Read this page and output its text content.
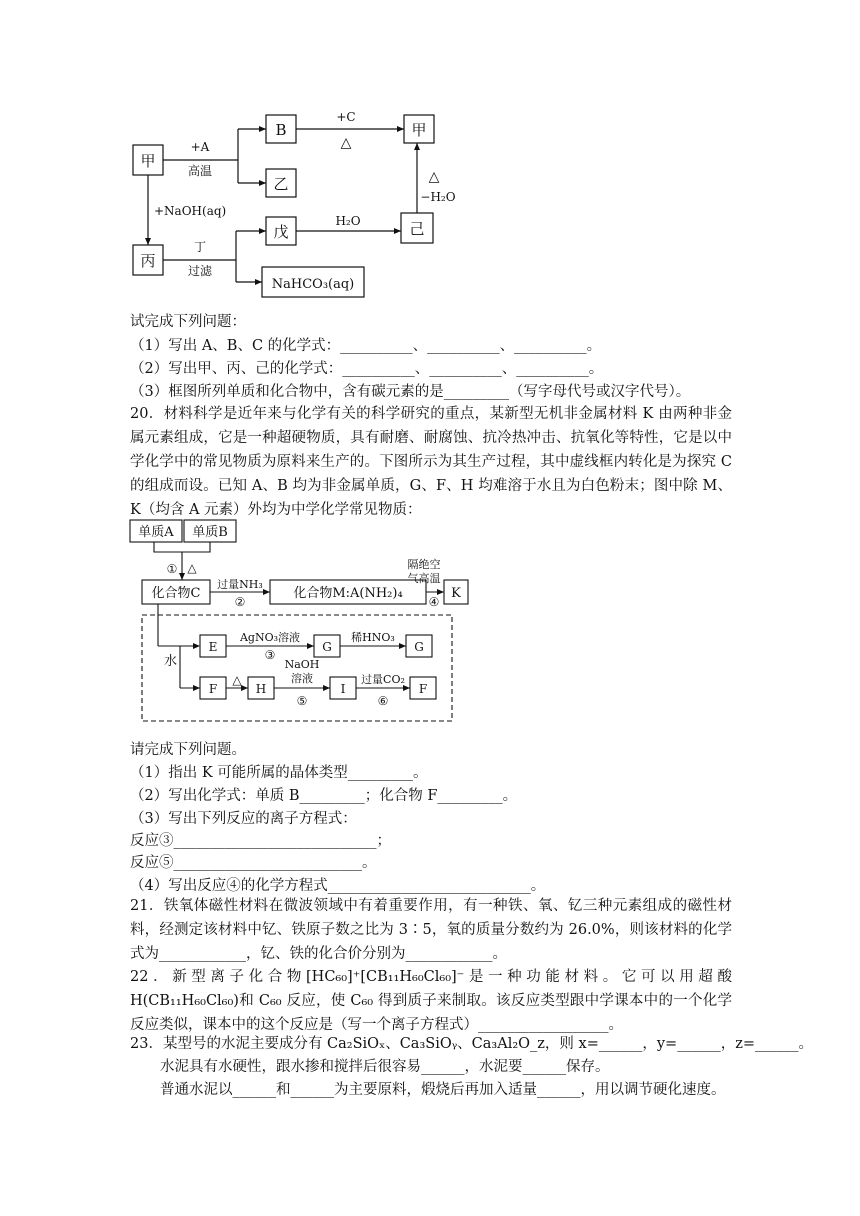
甲
B
乙
甲
丙
戊	己
NaHCO₃(aq)
+A
高温
+C
△
△
−H₂O
+NaOH(aq)
丁
过滤
H₂O
试完成下列问题：
（1）写出 A、B、C 的化学式：__________、__________、__________。
（2）写出甲、丙、己的化学式：__________、__________、__________。
（3）框图所列单质和化合物中，含有碳元素的是_________（写字母代号或汉字代号）。
20．材料科学是近年来与化学有关的科学研究的重点，某新型无机非金属材料 K 由两种非金属元素组成，它是一种超硬物质，具有耐磨、耐腐蚀、抗冷热冲击、抗氧化等特性，它是以中学化学中的常见物质为原料来生产的。下图所示为其生产过程，其中虚线框内转化是为探究 C 的组成而设。已知 A、B 均为非金属单质，G、F、H 均难溶于水且为白色粉末；图中除 M、K（均含 A 元素）外均为中学化学常见物质：
单质A 单质B
① △
化合物C
过量NH₃
②
化合物M:A(NH₂)₄
隔绝空
气高温
④
K
水
E
AgNO₃溶液
③
G
稀HNO₃
G
F
△
H
NaOH
溶液
⑤
I
过量CO₂
⑥
F
请完成下列问题。
（1）指出 K 可能所属的晶体类型_________。
（2）写出化学式：单质 B_________；化合物 F_________。
（3）写出下列反应的离子方程式：
反应③____________________________；
反应⑤__________________________。
（4）写出反应④的化学方程式____________________________。
21．铁氧体磁性材料在微波领域中有着重要作用，有一种铁、氧、钇三种元素组成的磁性材料，经测定该材料中钇、铁原子数之比为 3∶5，氧的质量分数约为 26.0%，则该材料的化学式为____________，钇、铁的化合价分别为____________。
22．新型离子化合物[HC₆₀]⁺[CB₁₁H₆₀Cl₆₀]⁻是一种功能材料。它可以用超酸 H(CB₁₁H₆₀Cl₆₀)和 C₆₀ 反应，使 C₆₀ 得到质子来制取。该反应类型跟中学课本中的一个化学反应类似，课本中的这个反应是（写一个离子方程式）__________________。
23．某型号的水泥主要成分有 Ca₂SiOₓ、Ca₃SiOᵧ、Ca₃Al₂O_z，则 x=______，y=______，z=______。
水泥具有水硬性，跟水掺和搅拌后很容易______，水泥要______保存。
普通水泥以______和______为主要原料，煅烧后再加入适量______，用以调节硬化速度。
